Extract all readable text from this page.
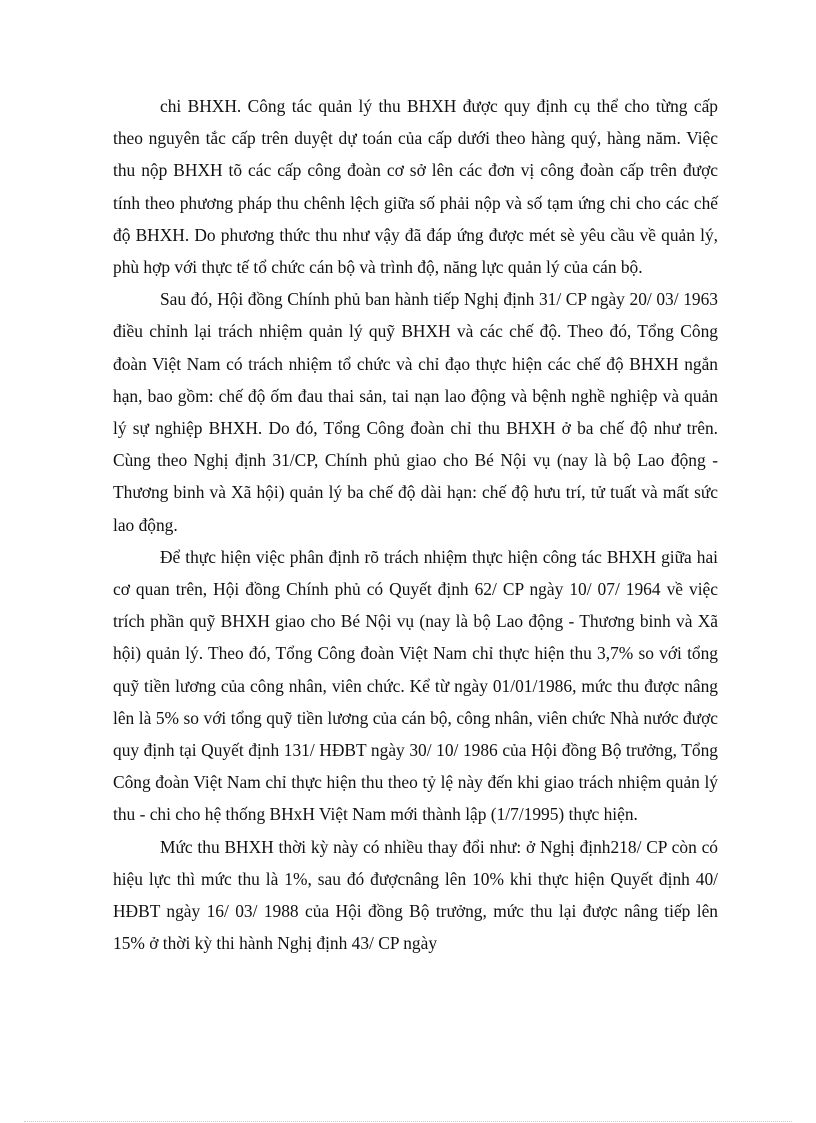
chi BHXH. Công tác quản lý thu BHXH được quy định cụ thể cho từng cấp theo nguyên tắc cấp trên duyệt dự toán của cấp dưới theo hàng quý, hàng năm. Việc thu nộp BHXH tõ các cấp công đoàn cơ sở lên các đơn vị công đoàn cấp trên được tính theo phương pháp thu chênh lệch giữa số phải nộp và số tạm ứng chi cho các chế độ BHXH. Do phương thức thu như vậy đã đáp ứng được mét sè yêu cầu về quản lý, phù hợp với thực tế tổ chức cán bộ và trình độ, năng lực quản lý của cán bộ.

Sau đó, Hội đồng Chính phủ ban hành tiếp Nghị định 31/ CP ngày 20/ 03/ 1963 điều chỉnh lại trách nhiệm quản lý quỹ BHXH và các chế độ. Theo đó, Tổng Công đoàn Việt Nam có trách nhiệm tổ chức và chỉ đạo thực hiện các chế độ BHXH ngắn hạn, bao gồm: chế độ ốm đau thai sản, tai nạn lao động và bệnh nghề nghiệp và quản lý sự nghiệp BHXH. Do đó, Tổng Công đoàn chỉ thu BHXH ở ba chế độ như trên. Cùng theo Nghị định 31/CP, Chính phủ giao cho Bé Nội vụ (nay là bộ Lao động - Thương binh và Xã hội) quản lý ba chế độ dài hạn: chế độ hưu trí, tử tuất và mất sức lao động.

Để thực hiện việc phân định rõ trách nhiệm thực hiện công tác BHXH giữa hai cơ quan trên, Hội đồng Chính phủ có Quyết định 62/ CP ngày 10/ 07/ 1964 về việc trích phần quỹ BHXH giao cho Bé Nội vụ (nay là bộ Lao động - Thương binh và Xã hội) quản lý. Theo đó, Tổng Công đoàn Việt Nam chỉ thực hiện thu 3,7% so với tổng quỹ tiền lương của công nhân, viên chức. Kể từ ngày 01/01/1986, mức thu được nâng lên là 5% so với tổng quỹ tiền lương của cán bộ, công nhân, viên chức Nhà nước được quy định tại Quyết định 131/ HĐBT ngày 30/ 10/ 1986 của Hội đồng Bộ trưởng, Tổng Công đoàn Việt Nam chỉ thực hiện thu theo tỷ lệ này đến khi giao trách nhiệm quản lý thu - chi cho hệ thống BHxH Việt Nam mới thành lập (1/7/1995) thực hiện.

Mức thu BHXH thời kỳ này có nhiều thay đổi như: ở Nghị định218/ CP còn có hiệu lực thì mức thu là 1%, sau đó đượcnâng lên 10% khi thực hiện Quyết định 40/ HĐBT ngày 16/ 03/ 1988 của Hội đồng Bộ trưởng, mức thu lại được nâng tiếp lên 15% ở thời kỳ thi hành Nghị định 43/ CP ngày
